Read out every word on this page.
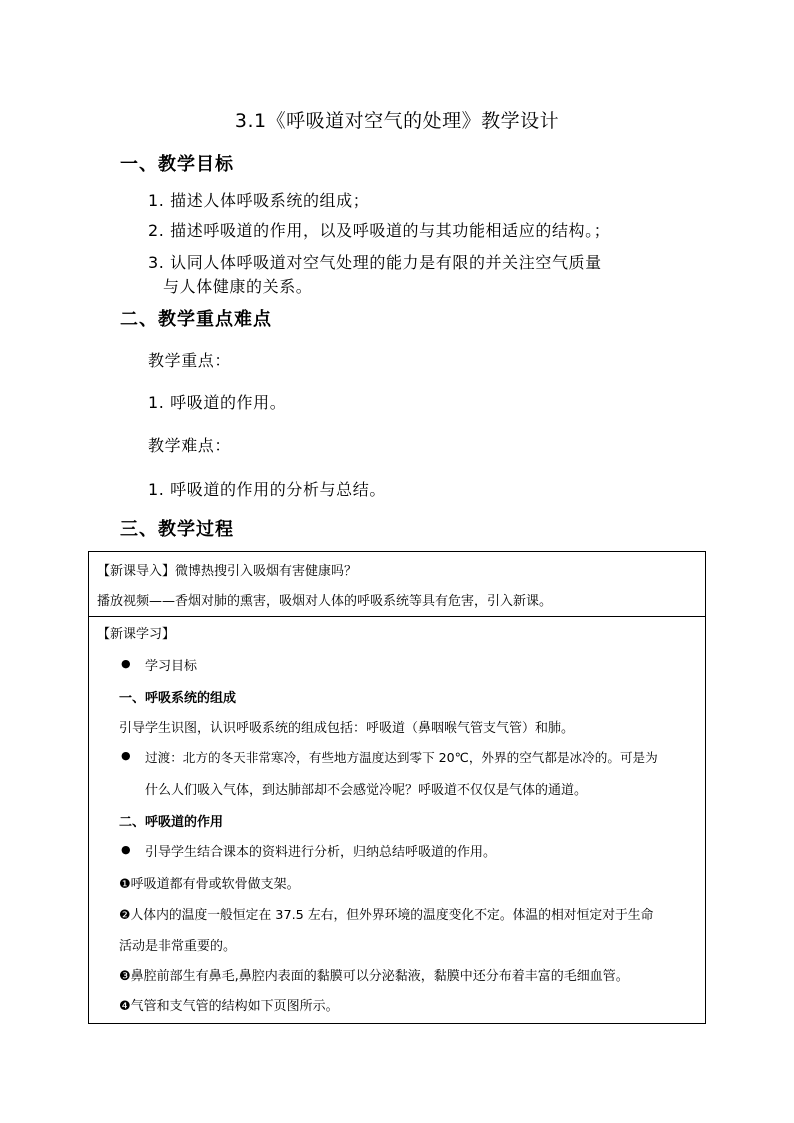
3.1《呼吸道对空气的处理》教学设计
一、教学目标
1. 描述人体呼吸系统的组成；
2. 描述呼吸道的作用，以及呼吸道的与其功能相适应的结构。；
3. 认同人体呼吸道对空气处理的能力是有限的并关注空气质量
与人体健康的关系。
二、教学重点难点
教学重点：
1. 呼吸道的作用。
教学难点：
1. 呼吸道的作用的分析与总结。
三、教学过程
【新课导入】微博热搜引入吸烟有害健康吗？
播放视频——香烟对肺的熏害，吸烟对人体的呼吸系统等具有危害，引入新课。

【新课学习】
● 学习目标
一、呼吸系统的组成
引导学生识图，认识呼吸系统的组成包括：呼吸道（鼻咽喉气管支气管）和肺。
● 过渡：北方的冬天非常寒冷，有些地方温度达到零下 20℃，外界的空气都是冰冷的。可是为
什么人们吸入气体，到达肺部却不会感觉冷呢？呼吸道不仅仅是气体的通道。
二、呼吸道的作用
● 引导学生结合课本的资料进行分析，归纳总结呼吸道的作用。
❶呼吸道都有骨或软骨做支架。
❷人体内的温度一般恒定在 37.5 左右，但外界环境的温度变化不定。体温的相对恒定对于生命
活动是非常重要的。
❸鼻腔前部生有鼻毛,鼻腔内表面的黏膜可以分泌黏液，黏膜中还分布着丰富的毛细血管。
❹气管和支气管的结构如下页图所示。
